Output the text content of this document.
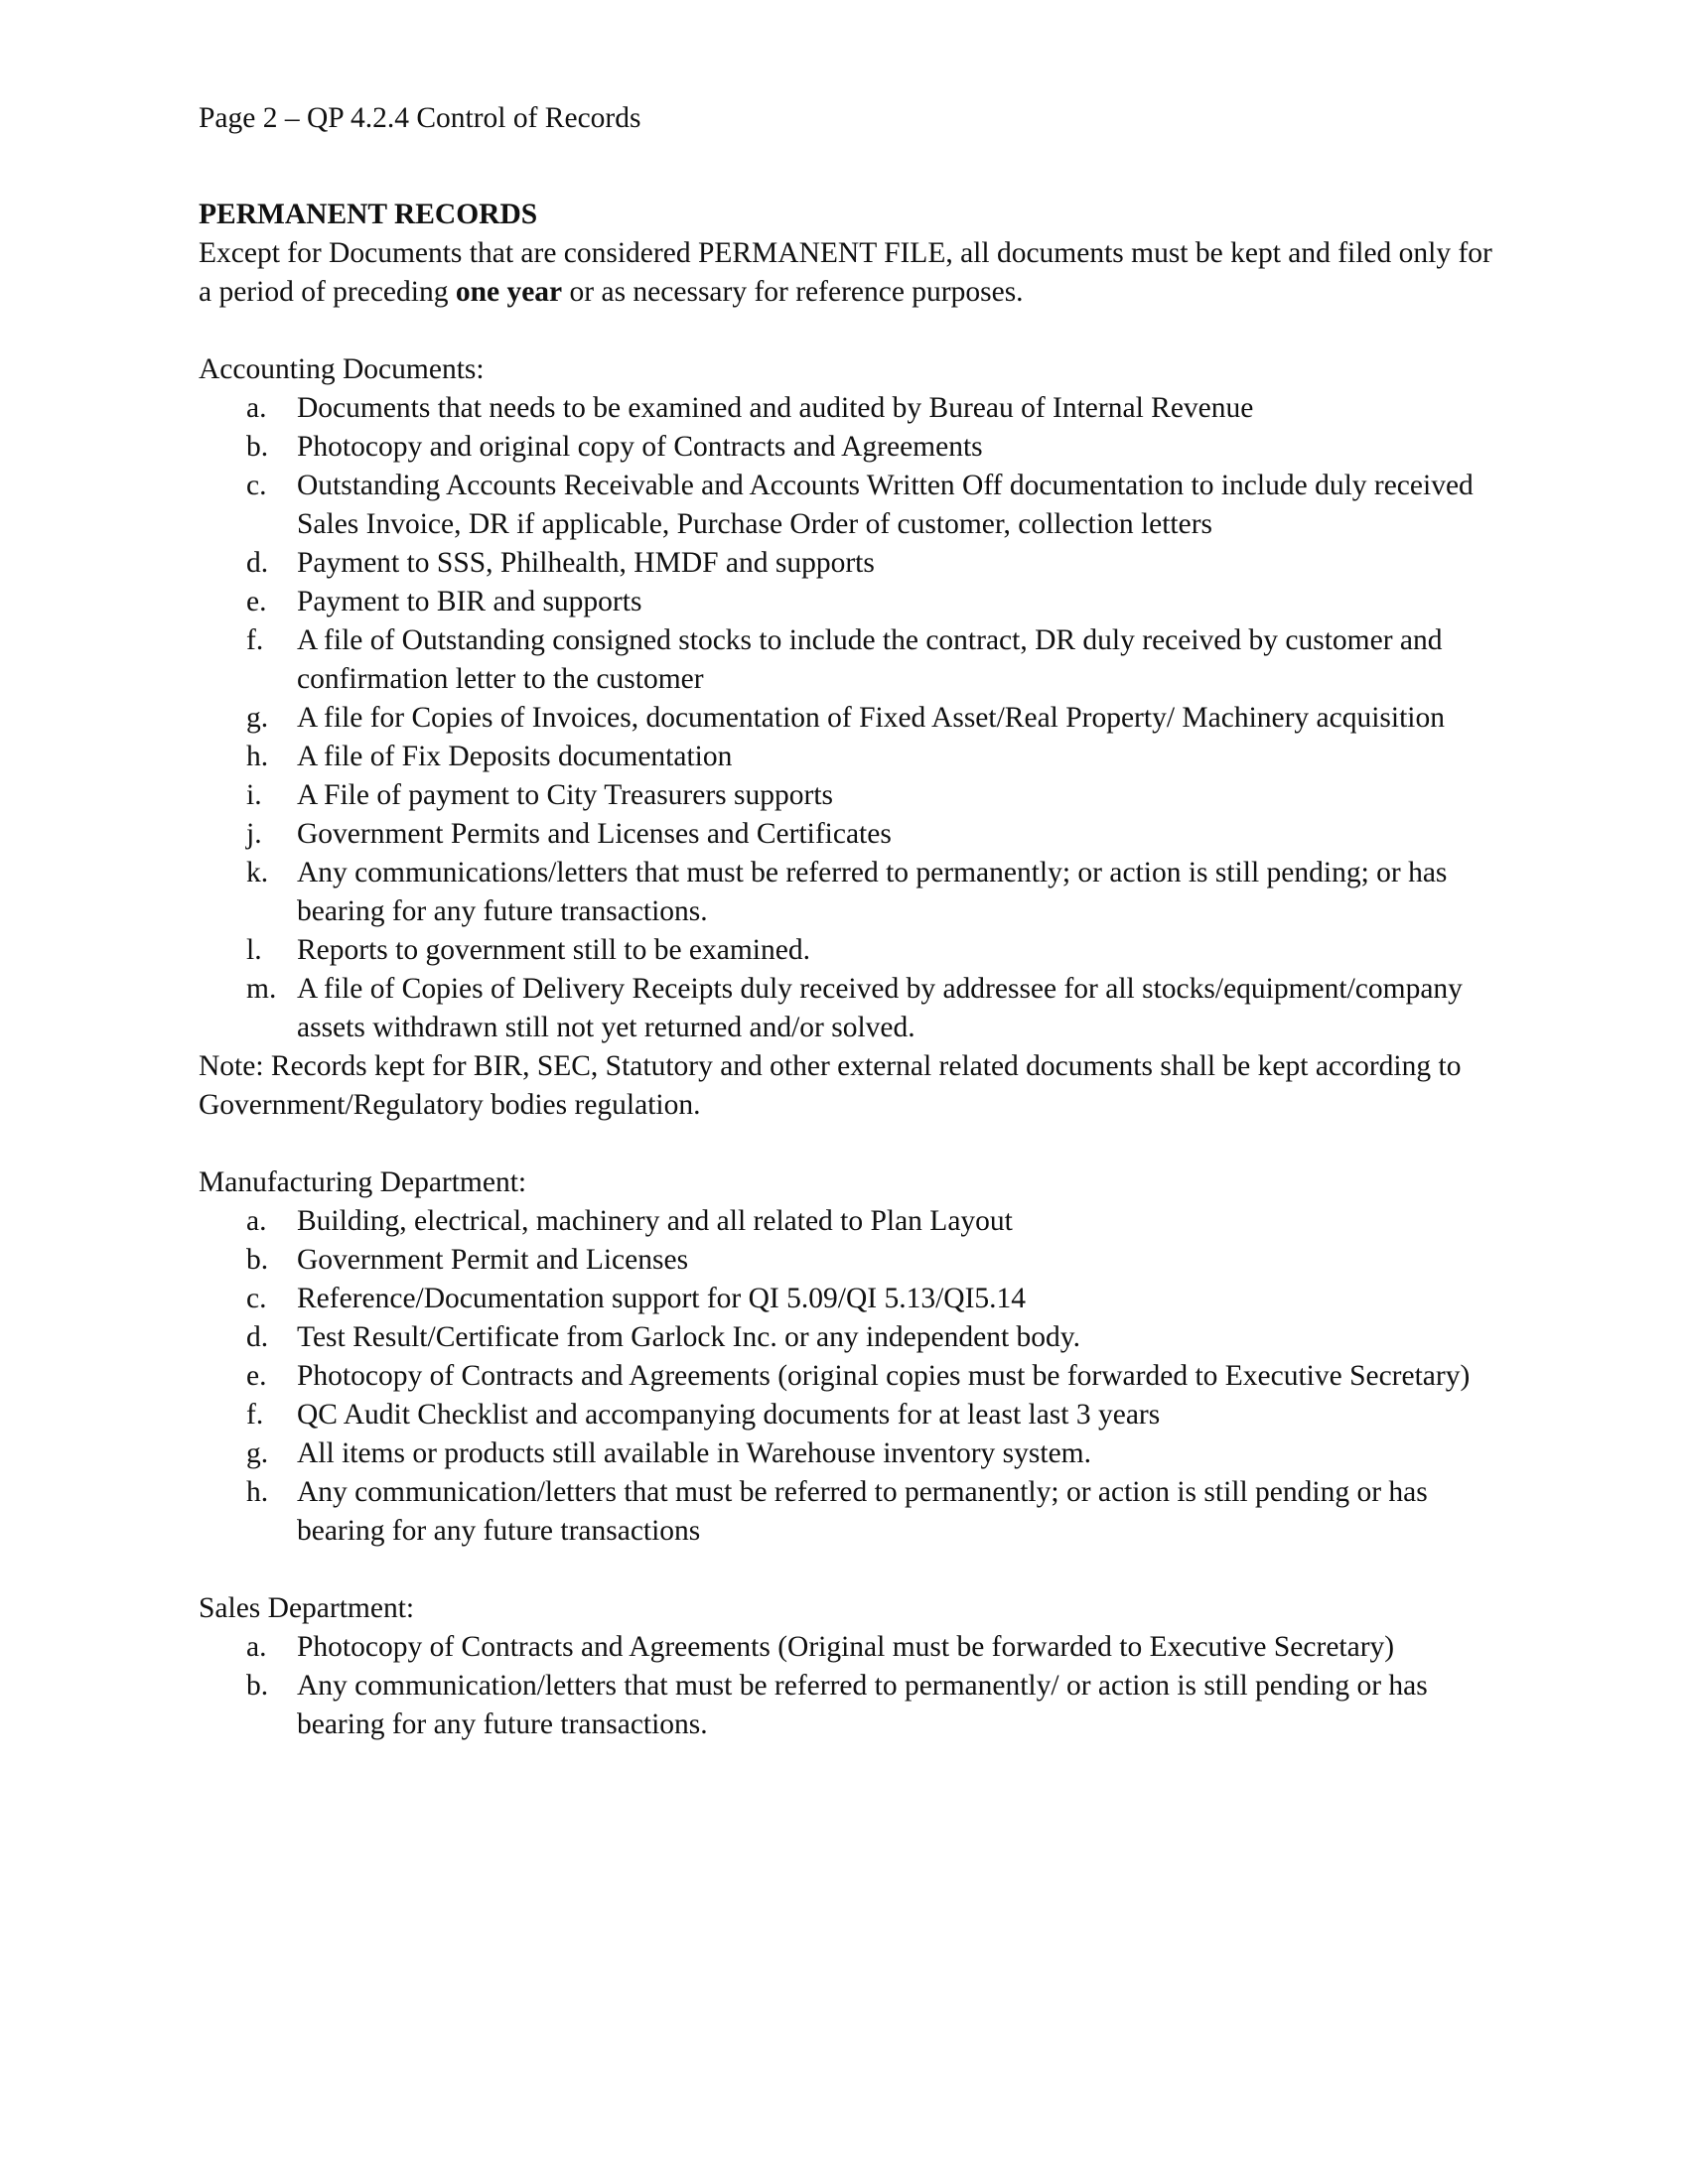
Page 2 – QP 4.2.4 Control of Records

PERMANENT RECORDS

Except for Documents that are considered PERMANENT FILE, all documents must be kept and filed only for a period of preceding one year or as necessary for reference purposes.

Accounting Documents:

a. Documents that needs to be examined and audited by Bureau of Internal Revenue
b. Photocopy and original copy of Contracts and Agreements
c. Outstanding Accounts Receivable and Accounts Written Off documentation to include duly received Sales Invoice, DR if applicable, Purchase Order of customer, collection letters
d. Payment to SSS, Philhealth, HMDF and supports
e. Payment to BIR and supports
f. A file of Outstanding consigned stocks to include the contract, DR duly received by customer and confirmation letter to the customer
g. A file for Copies of Invoices, documentation of Fixed Asset/Real Property/ Machinery acquisition
h. A file of Fix Deposits documentation
i. A File of payment to City Treasurers supports
j. Government Permits and Licenses and Certificates
k. Any communications/letters that must be referred to permanently; or action is still pending; or has bearing for any future transactions.
l. Reports to government still to be examined.
m. A file of Copies of Delivery Receipts duly received by addressee for all stocks/equipment/company assets withdrawn still not yet returned and/or solved.

Note: Records kept for BIR, SEC, Statutory and other external related documents shall be kept according to Government/Regulatory bodies regulation.

Manufacturing Department:

a. Building, electrical, machinery and all related to Plan Layout
b. Government Permit and Licenses
c. Reference/Documentation support for QI 5.09/QI 5.13/QI5.14
d. Test Result/Certificate from Garlock Inc. or any independent body.
e. Photocopy of Contracts and Agreements (original copies must be forwarded to Executive Secretary)
f. QC Audit Checklist and accompanying documents for at least last 3 years
g. All items or products still available in Warehouse inventory system.
h. Any communication/letters that must be referred to permanently; or action is still pending or has bearing for any future transactions

Sales Department:

a. Photocopy of Contracts and Agreements (Original must be forwarded to Executive Secretary)
b. Any communication/letters that must be referred to permanently/ or action is still pending or has bearing for any future transactions.
